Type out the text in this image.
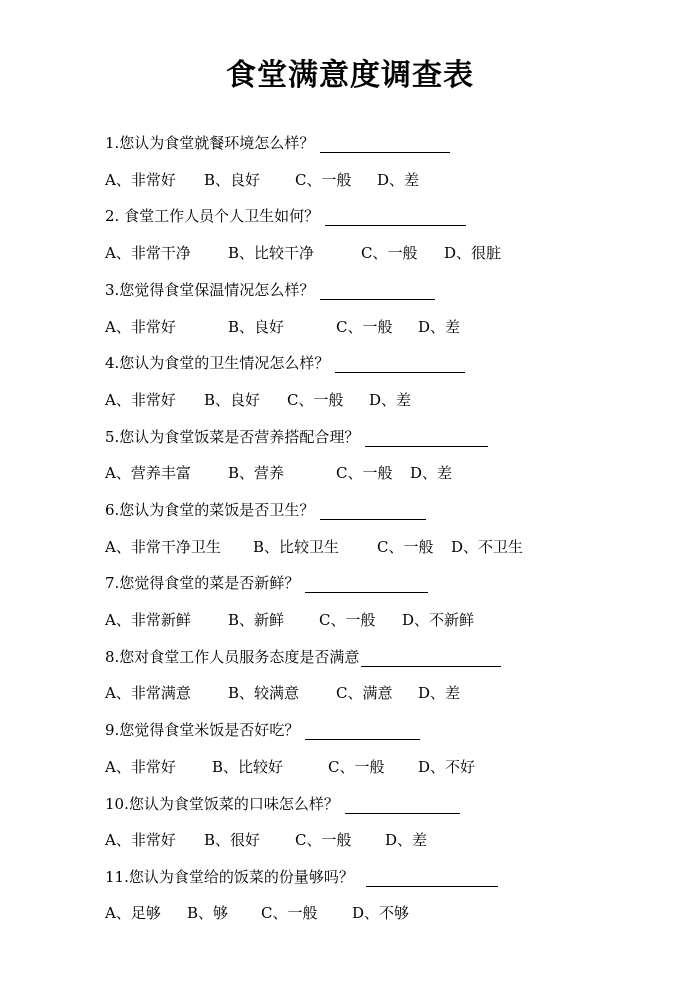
食堂满意度调查表
1.您认为食堂就餐环境怎么样？
A、非常好 B、良好 C、一般 D、差
2. 食堂工作人员个人卫生如何？
A、非常干净 B、比较干净	C、一般 D、很脏
3.您觉得食堂保温情况怎么样？
A、非常好	B、良好	C、一般 D、差
4.您认为食堂的卫生情况怎么样？
A、非常好 B、良好 C、一般 D、差
5.您认为食堂饭菜是否营养搭配合理？
A、营养丰富 B、营养	C、一般 D、差
6.您认为食堂的菜饭是否卫生？
A、非常干净卫生 B、比较卫生	C、一般 D、不卫生
7.您觉得食堂的菜是否新鲜？
A、非常新鲜 B、新鲜 C、一般 D、不新鲜
8.您对食堂工作人员服务态度是否满意
A、非常满意 B、较满意 C、满意 D、差
9.您觉得食堂米饭是否好吃？
A、非常好 B、比较好	C、一般 D、不好
10.您认为食堂饭菜的口味怎么样？
A、非常好 B、很好 C、一般 D、差
11.您认为食堂给的饭菜的份量够吗？
A、足够 B、够 C、一般 D、不够
